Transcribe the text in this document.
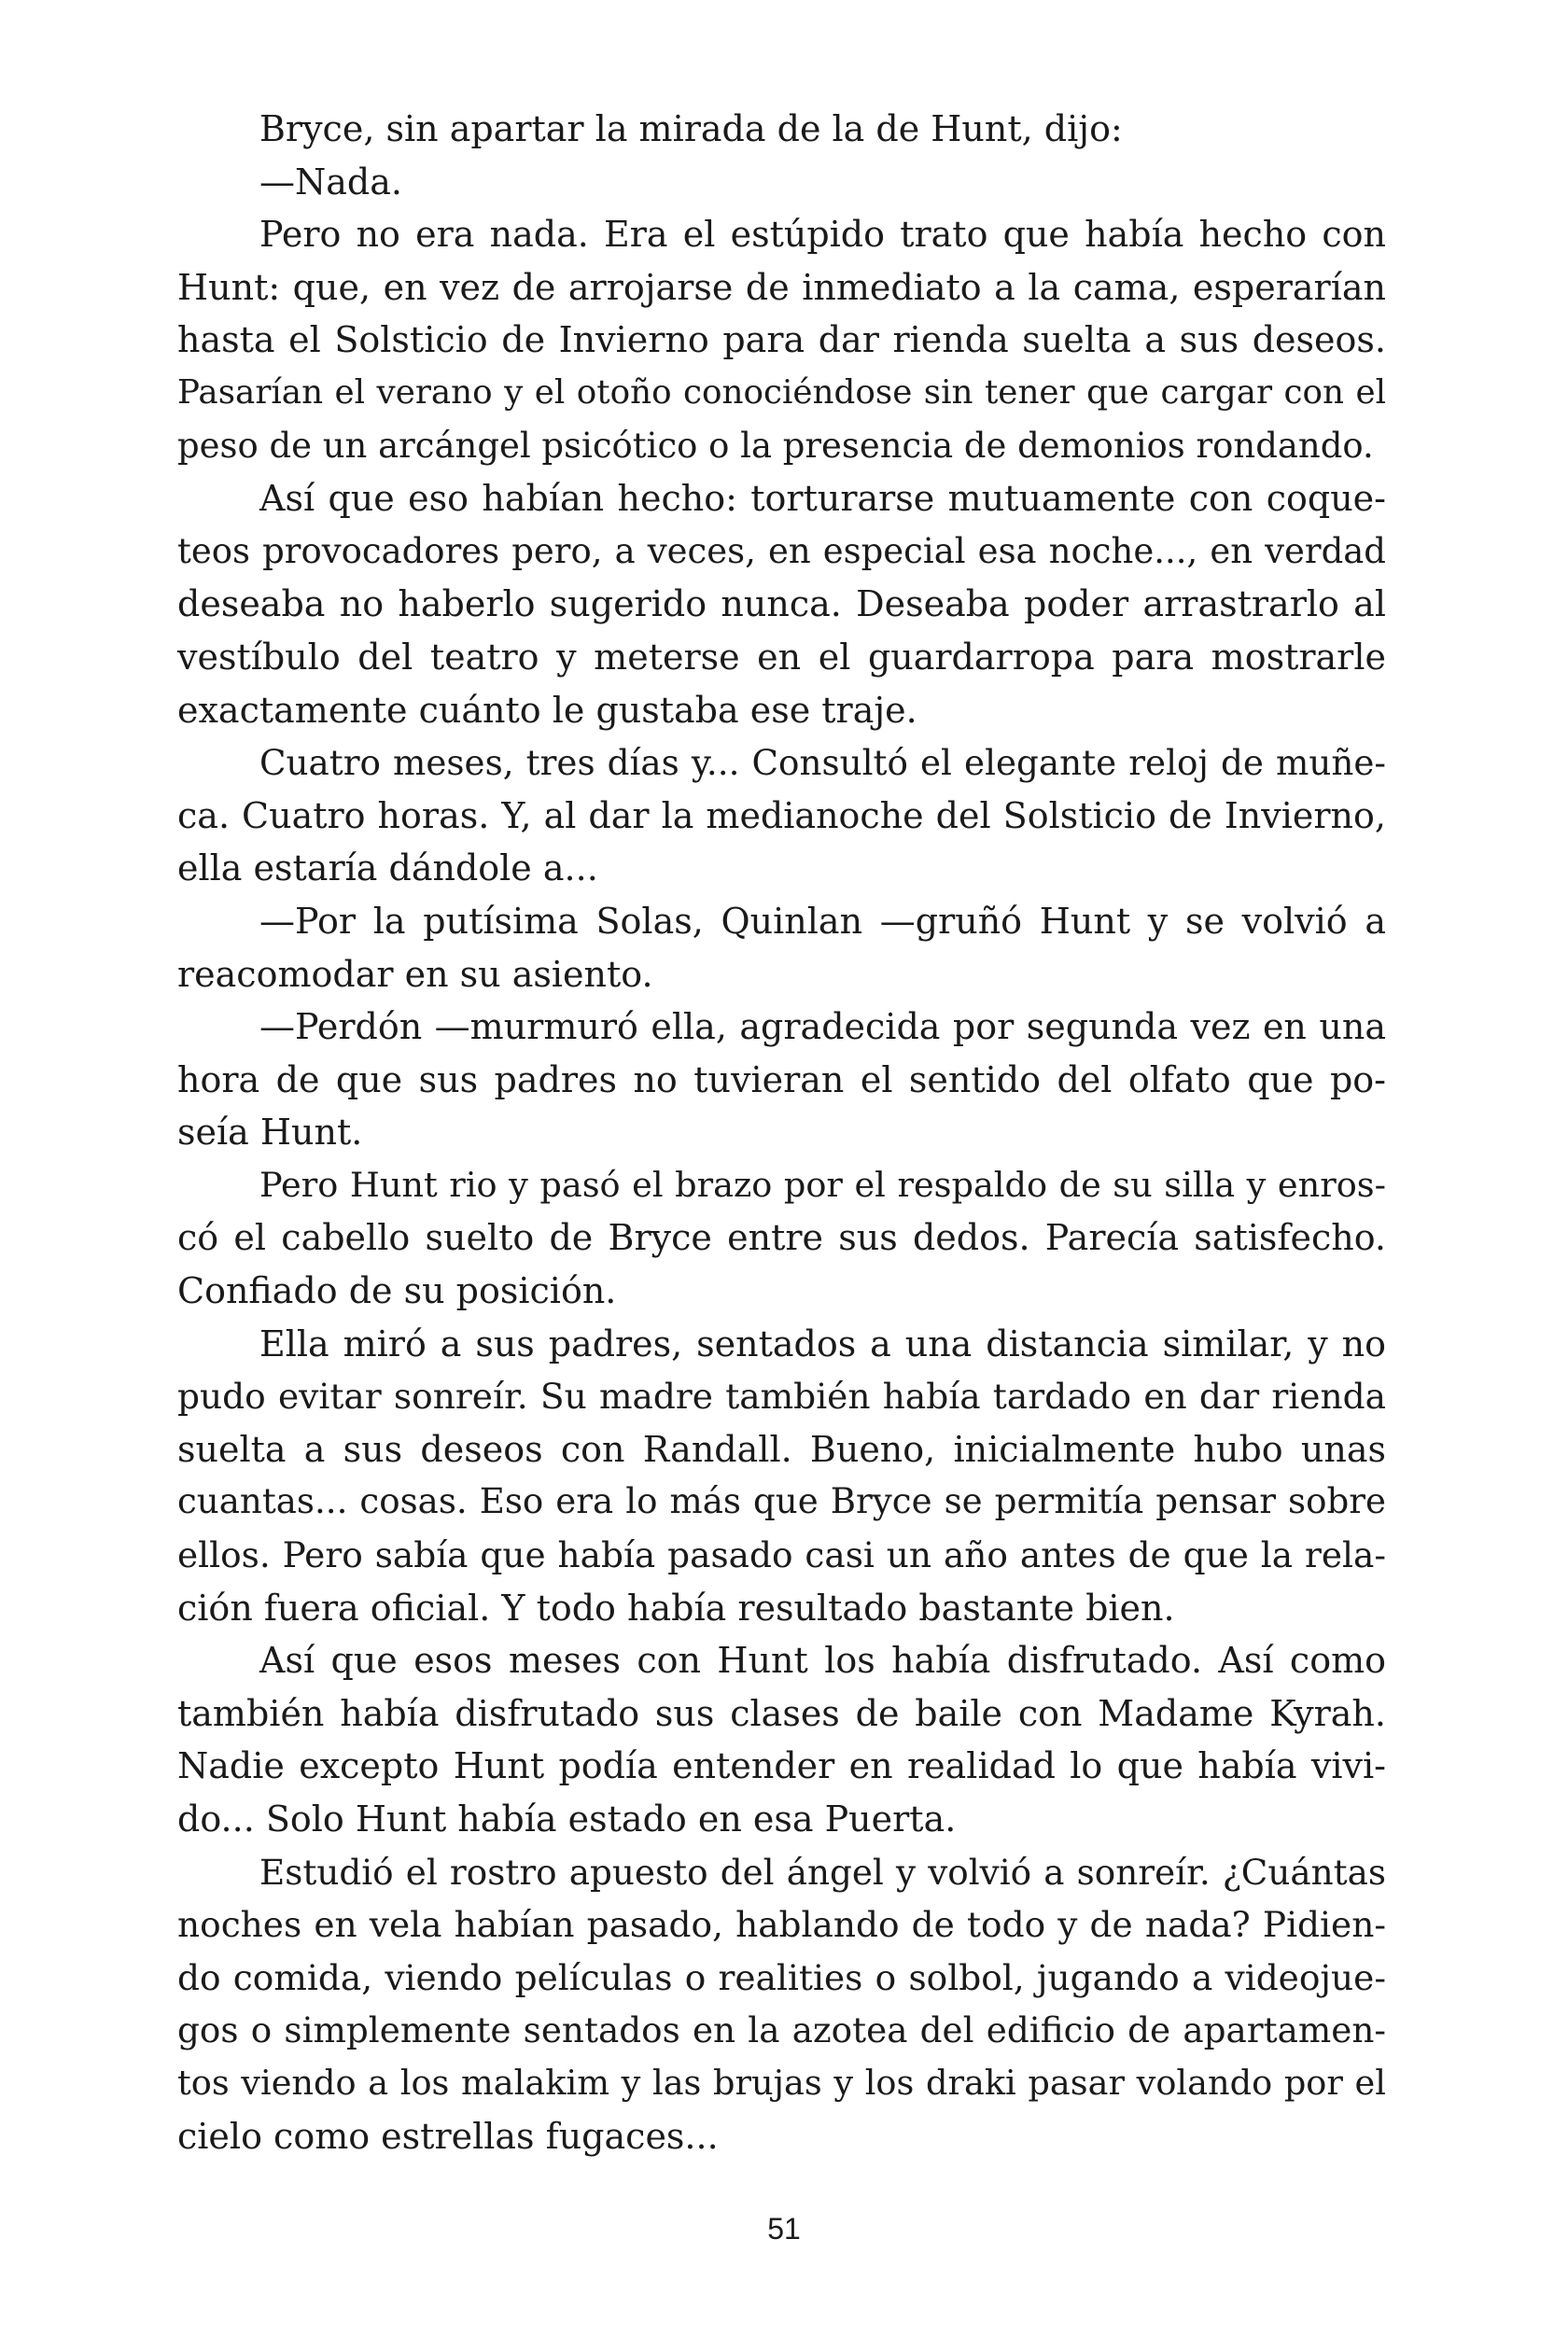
Bryce, sin apartar la mirada de la de Hunt, dijo:
—Nada.
Pero no era nada. Era el estúpido trato que había hecho con
Hunt: que, en vez de arrojarse de inmediato a la cama, esperarían
hasta el Solsticio de Invierno para dar rienda suelta a sus deseos.
Pasarían el verano y el otoño conociéndose sin tener que cargar con el
peso de un arcángel psicótico o la presencia de demonios rondando.
Así que eso habían hecho: torturarse mutuamente con coque-
teos provocadores pero, a veces, en especial esa noche..., en verdad
deseaba no haberlo sugerido nunca. Deseaba poder arrastrarlo al
vestíbulo del teatro y meterse en el guardarropa para mostrarle
exactamente cuánto le gustaba ese traje.
Cuatro meses, tres días y... Consultó el elegante reloj de muñe-
ca. Cuatro horas. Y, al dar la medianoche del Solsticio de Invierno,
ella estaría dándole a...
—Por la putísima Solas, Quinlan —gruñó Hunt y se volvió a
reacomodar en su asiento.
—Perdón —murmuró ella, agradecida por segunda vez en una
hora de que sus padres no tuvieran el sentido del olfato que po-
seía Hunt.
Pero Hunt rio y pasó el brazo por el respaldo de su silla y enros-
có el cabello suelto de Bryce entre sus dedos. Parecía satisfecho.
Confiado de su posición.
Ella miró a sus padres, sentados a una distancia similar, y no
pudo evitar sonreír. Su madre también había tardado en dar rienda
suelta a sus deseos con Randall. Bueno, inicialmente hubo unas
cuantas... cosas. Eso era lo más que Bryce se permitía pensar sobre
ellos. Pero sabía que había pasado casi un año antes de que la rela-
ción fuera oficial. Y todo había resultado bastante bien.
Así que esos meses con Hunt los había disfrutado. Así como
también había disfrutado sus clases de baile con Madame Kyrah.
Nadie excepto Hunt podía entender en realidad lo que había vivi-
do... Solo Hunt había estado en esa Puerta.
Estudió el rostro apuesto del ángel y volvió a sonreír. ¿Cuántas
noches en vela habían pasado, hablando de todo y de nada? Pidien-
do comida, viendo películas o realities o solbol, jugando a videojue-
gos o simplemente sentados en la azotea del edificio de apartamen-
tos viendo a los malakim y las brujas y los draki pasar volando por el
cielo como estrellas fugaces...
51
